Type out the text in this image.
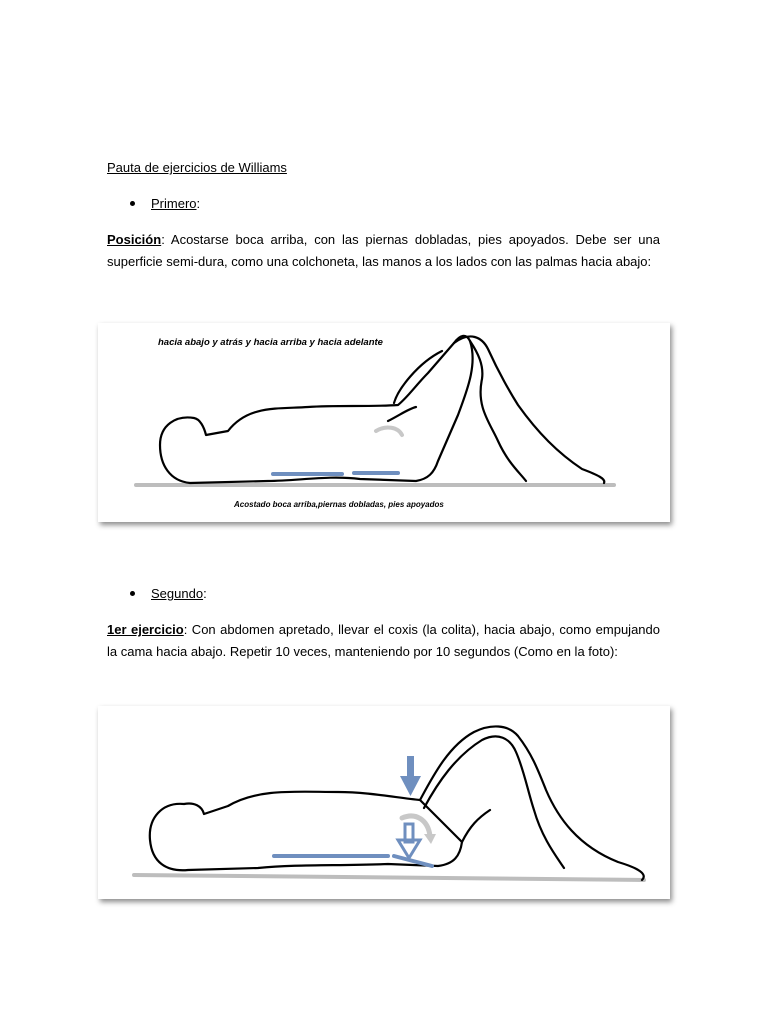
Pauta de ejercicios de Williams
Primero :
Posición: Acostarse boca arriba, con las piernas dobladas, pies apoyados. Debe ser una superficie semi-dura, como una colchoneta, las manos a los lados con las palmas hacia abajo:
hacia abajo y atrás y hacia arriba y hacia adelante
Acostado boca arriba,piernas dobladas, pies apoyados
Segundo :
1er ejercicio: Con abdomen apretado, llevar el coxis (la colita), hacia abajo, como empujando la cama hacia abajo. Repetir 10 veces, manteniendo por 10 segundos (Como en la foto):
